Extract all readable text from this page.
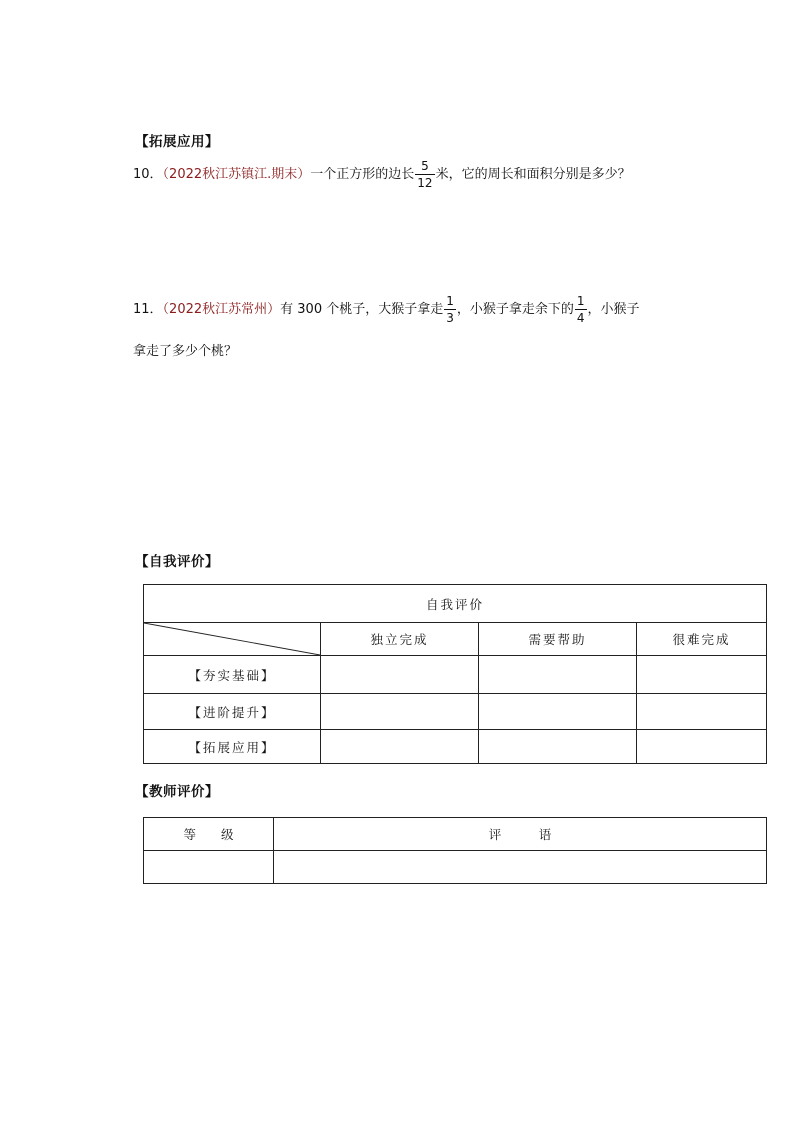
【拓展应用】
10．（2022秋江苏镇江.期末）一个正方形的边长 $\frac{5}{12}$ 米，它的周长和面积分别是多少？
11．（2022秋江苏常州）有 300 个桃子，大猴子拿走 $\frac{1}{3}$ ，小猴子拿走余下的 $\frac{1}{4}$ ，小猴子
拿走了多少个桃？
【自我评价】
自我评价			

	独立完成	需要帮助	很难完成
【夯实基础】			
【进阶提升】			
【拓展应用】			
【教师评价】
等　　级	评　　　语
